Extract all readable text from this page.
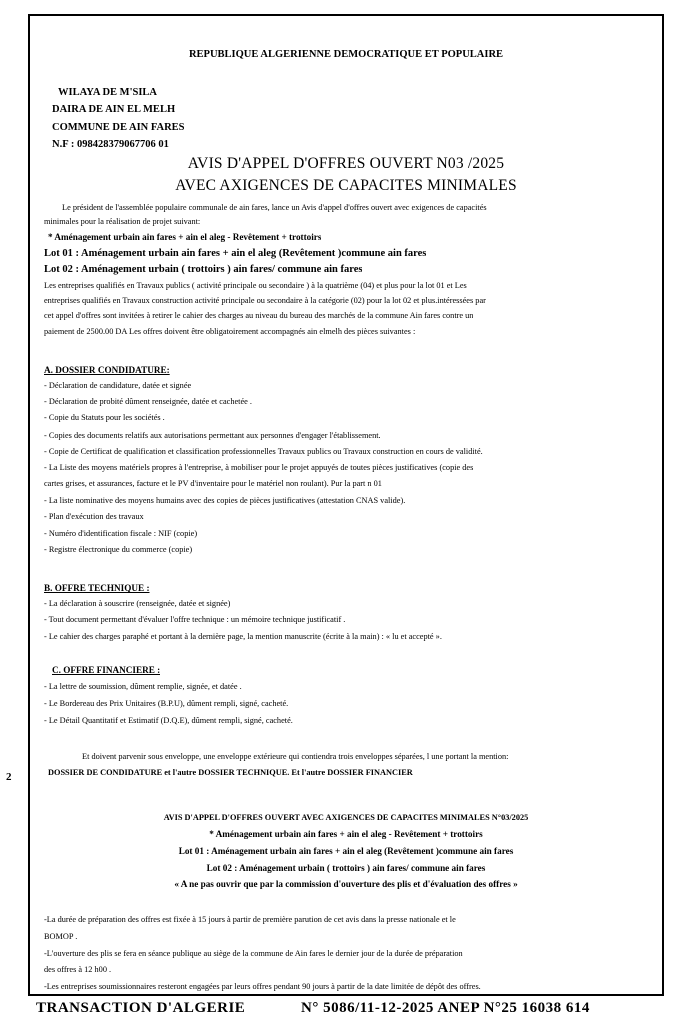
2
REPUBLIQUE ALGERIENNE DEMOCRATIQUE ET POPULAIRE
WILAYA DE M'SILA
DAIRA DE AIN EL MELH
COMMUNE DE AIN FARES
N.F : 098428379067706 01
AVIS D'APPEL D'OFFRES OUVERT N03 /2025
AVEC AXIGENCES DE CAPACITES MINIMALES
Le président de l'assemblée populaire communale de ain fares, lance un Avis d'appel d'offres ouvert avec exigences de capacités
minimales pour la réalisation de projet suivant:
* Aménagement urbain ain fares + ain el aleg - Revêtement + trottoirs
Lot 01 : Aménagement urbain ain fares + ain el aleg (Revêtement )commune ain fares
Lot 02 : Aménagement urbain ( trottoirs ) ain fares/ commune ain fares
Les entreprises qualifiés en Travaux publics ( activité principale ou secondaire ) à la quatrième (04) et plus pour la lot 01 et Les
entreprises qualifiés en Travaux construction activité principale ou secondaire à la catégorie (02) pour la lot 02 et plus.intéressées par
cet appel d'offres sont invitées à retirer le cahier des charges au niveau du bureau des marchés de la commune Ain fares contre un
paiement de 2500.00 DA Les offres doivent être obligatoirement accompagnés ain elmelh des pièces suivantes :
A. DOSSIER CONDIDATURE:
- Déclaration de candidature, datée et signée
- Déclaration de probité dûment renseignée, datée et cachetée .
- Copie du Statuts pour les sociétés .
- Copies des documents relatifs aux autorisations permettant aux personnes d'engager l'établissement.
- Copie de Certificat de qualification et classification professionnelles Travaux publics ou Travaux construction en cours de validité.
- La Liste des moyens matériels propres à l'entreprise, à mobiliser pour le projet appuyés de toutes pièces justificatives (copie des
cartes grises, et assurances, facture et le PV d'inventaire pour le matériel non roulant). Pur la part n 01
- La liste nominative des moyens humains avec des copies de pièces justificatives (attestation CNAS valide).
- Plan d'exécution des travaux
- Numéro d'identification fiscale : NIF (copie)
- Registre électronique du commerce (copie)
B. OFFRE TECHNIQUE :
- La déclaration à souscrire (renseignée, datée et signée)
- Tout document permettant d'évaluer l'offre technique : un mémoire technique justificatif .
- Le cahier des charges paraphé et portant à la dernière page, la mention manuscrite (écrite à la main) : « lu et accepté ».
C. OFFRE FINANCIERE :
- La lettre de soumission, dûment remplie, signée, et datée .
- Le Bordereau des Prix Unitaires (B.P.U), dûment rempli, signé, cacheté.
- Le Détail Quantitatif et Estimatif (D.Q.E), dûment rempli, signé, cacheté.
Et doivent parvenir sous enveloppe, une enveloppe extérieure qui contiendra trois enveloppes séparées, l une portant la mention:
DOSSIER DE CONDIDATURE et l'autre DOSSIER TECHNIQUE. Et l'autre DOSSIER FINANCIER
AVIS D'APPEL D'OFFRES OUVERT AVEC AXIGENCES DE CAPACITES MINIMALES N°03/2025
* Aménagement urbain ain fares + ain el aleg - Revêtement + trottoirs
Lot 01 : Aménagement urbain ain fares + ain el aleg (Revêtement )commune ain fares
Lot 02 : Aménagement urbain ( trottoirs ) ain fares/ commune ain fares
« A ne pas ouvrir que par la commission d'ouverture des plis et d'évaluation des offres »
-La durée de préparation des offres est fixée à 15 jours à partir de première parution de cet avis dans la presse nationale et le
BOMOP .
-L'ouverture des plis se fera en séance publique au siège de la commune de Ain fares le dernier jour de la durée de préparation
des offres à 12 h00 .
-Les entreprises soumissionnaires resteront engagées par leurs offres pendant 90 jours à partir de la date limitée de dépôt des offres.
TRANSACTION D'ALGERIE	N° 5086/11-12-2025 ANEP N°25 16038 614
